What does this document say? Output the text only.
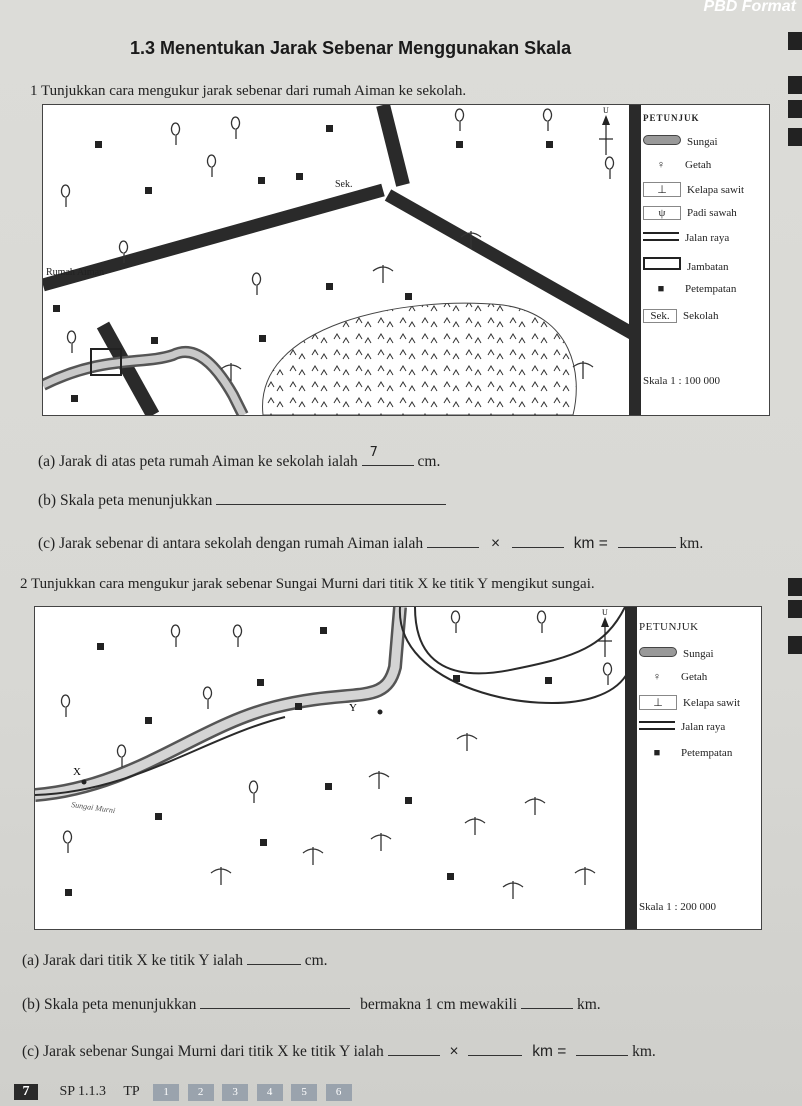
PBD Format
1.3 Menentukan Jarak Sebenar Menggunakan Skala
1 Tunjukkan cara mengukur jarak sebenar dari rumah Aiman ke sekolah.
Rumah Aiman
Sek.
U
PETUNJUK
Sungai
♀ Getah
⊥ Kelapa sawit
ψ Padi sawah
Jalan raya
Jambatan
■ Petempatan
Sek. Sekolah
Skala 1 : 100 000
(a) Jarak di atas peta rumah Aiman ke sekolah ialah
7
cm.
(b) Skala peta menunjukkan
(c) Jarak sebenar di antara sekolah dengan rumah Aiman ialah	×	km =	km.
2 Tunjukkan cara mengukur jarak sebenar Sungai Murni dari titik X ke titik Y mengikut sungai.
X
Y
Sungai Murni
U
PETUNJUK
Sungai
♀ Getah
⊥ Kelapa sawit
Jalan raya
■ Petempatan
Skala 1 : 200 000
(a) Jarak dari titik X ke titik Y ialah	cm.
(b) Skala peta menunjukkan	bermakna 1 cm mewakili	km.
(c) Jarak sebenar Sungai Murni dari titik X ke titik Y ialah	×	km =	km.
7 SP 1.1.3 TP 1	2	3	4	5	6
